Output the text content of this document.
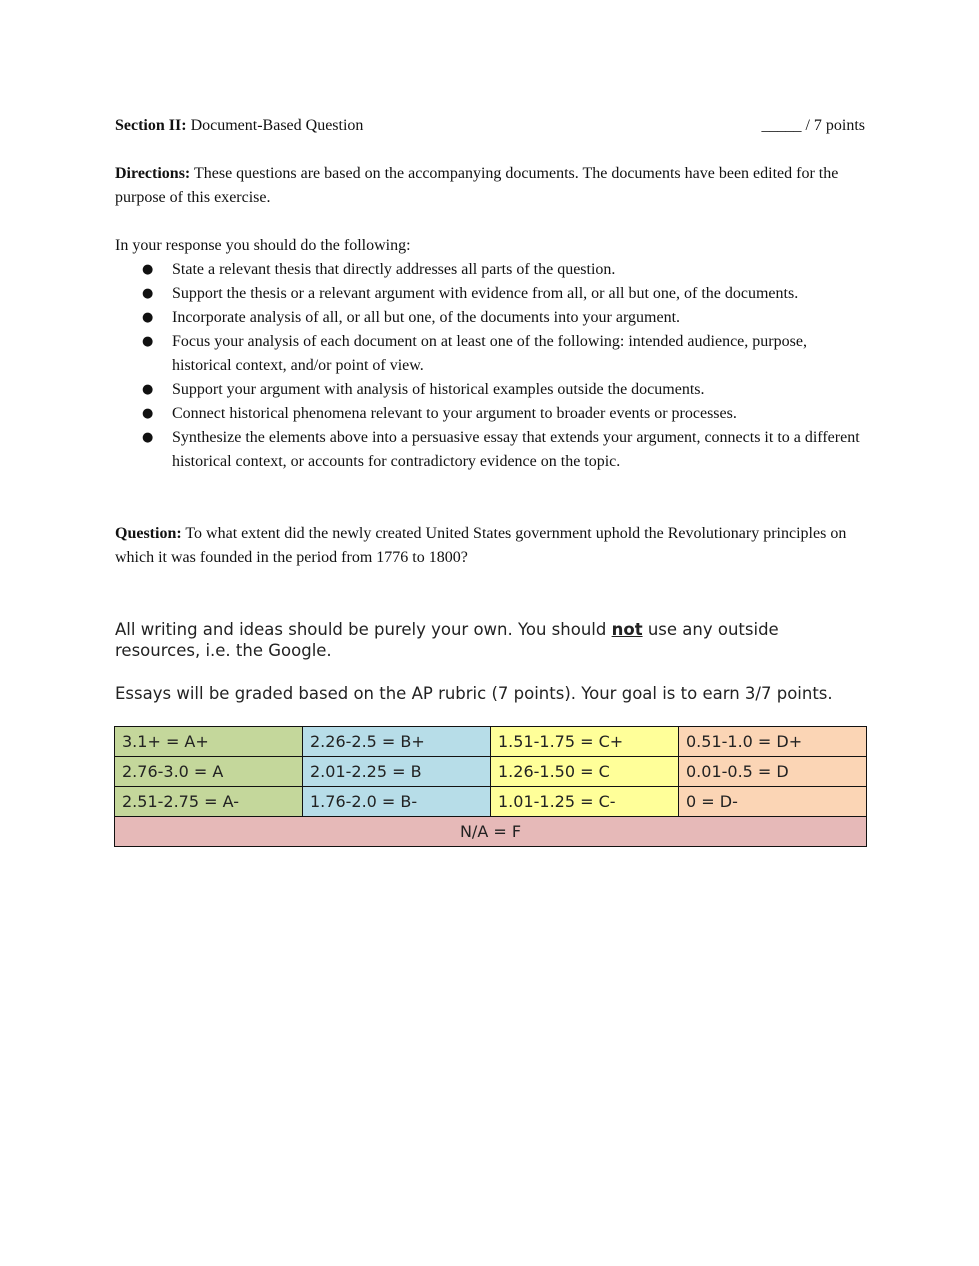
Section II: Document-Based Question	_____ / 7 points

Directions: These questions are based on the accompanying documents. The documents have been edited for the purpose of this exercise.

In your response you should do the following:

● State a relevant thesis that directly addresses all parts of the question.
● Support the thesis or a relevant argument with evidence from all, or all but one, of the documents.
● Incorporate analysis of all, or all but one, of the documents into your argument.
● Focus your analysis of each document on at least one of the following: intended audience, purpose, historical context, and/or point of view.
● Support your argument with analysis of historical examples outside the documents.
● Connect historical phenomena relevant to your argument to broader events or processes.
● Synthesize the elements above into a persuasive essay that extends your argument, connects it to a different historical context, or accounts for contradictory evidence on the topic.

Question: To what extent did the newly created United States government uphold the Revolutionary principles on which it was founded in the period from 1776 to 1800?

All writing and ideas should be purely your own. You should not use any outside resources, i.e. the Google.

Essays will be graded based on the AP rubric (7 points). Your goal is to earn 3/7 points.

3.1+ = A+	2.26-2.5 = B+	1.51-1.75 = C+	0.51-1.0 = D+
2.76-3.0 = A	2.01-2.25 = B	1.26-1.50 = C	0.01-0.5 = D
2.51-2.75 = A-	1.76-2.0 = B-	1.01-1.25 = C-	0 = D-
N/A = F			
